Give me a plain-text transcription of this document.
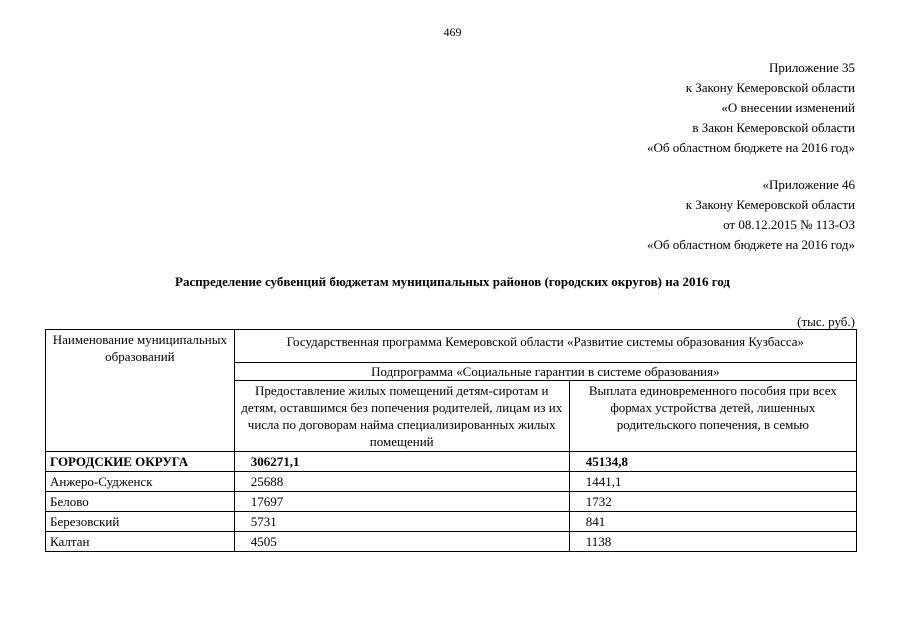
469
Приложение 35
к Закону Кемеровской области
«О внесении изменений
в Закон Кемеровской области
«Об областном бюджете на 2016 год»
«Приложение 46
к Закону Кемеровской области
от 08.12.2015 № 113-ОЗ
«Об областном бюджете на 2016 год»
Распределение субвенций бюджетам муниципальных районов (городских округов) на 2016 год
(тыс. руб.)
Наименование муниципальных образований	Государственная программа Кемеровской области «Развитие системы образования Кузбасса»	
	Подпрограмма «Социальные гарантии в системе образования»	
	Предоставление жилых помещений детям-сиротам и детям, оставшимся без попечения родителей, лицам из их числа по договорам найма специализированных жилых помещений	Выплата единовременного пособия при всех формах устройства детей, лишенных родительского попечения, в семью
ГОРОДСКИЕ ОКРУГА	306271,1	45134,8
Анжеро-Судженск	25688	1441,1
Белово	17697	1732
Березовский	5731	841
Калтан	4505	1138
